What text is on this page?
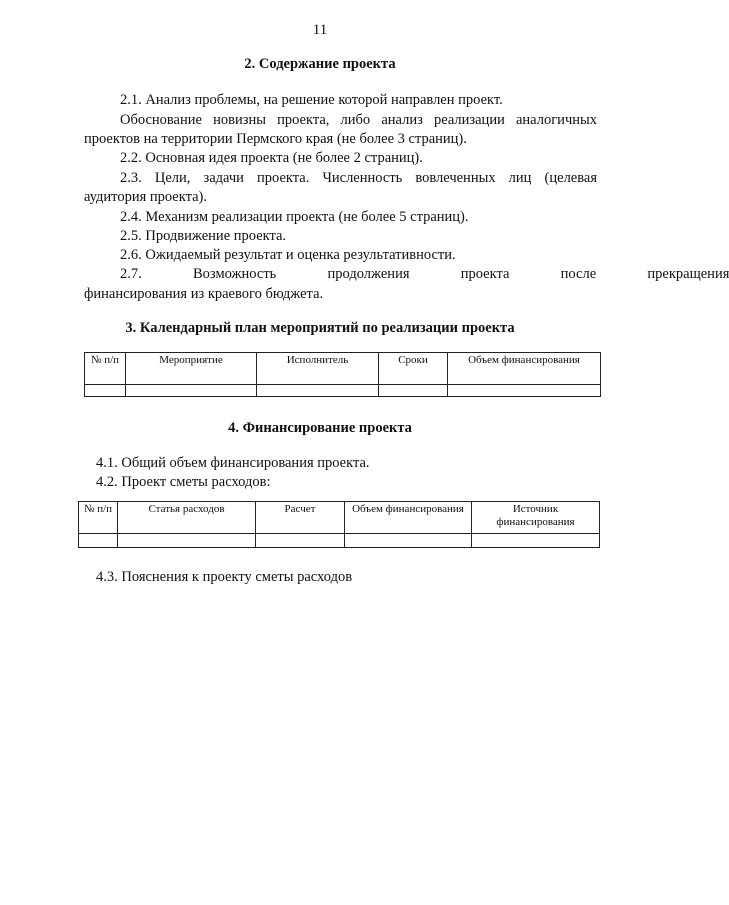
11
2. Содержание проекта
2.1. Анализ проблемы, на решение которой направлен проект.
Обоснование новизны проекта, либо анализ реализации аналогичных
проектов на территории Пермского края (не более 3 страниц).
2.2. Основная идея проекта (не более 2 страниц).
2.3. Цели, задачи проекта. Численность вовлеченных лиц (целевая
аудитория проекта).
2.4. Механизм реализации проекта (не более 5 страниц).
2.5. Продвижение проекта.
2.6. Ожидаемый результат и оценка результативности.
2.7.  Возможность  продолжения  проекта  после  прекращения
финансирования из краевого бюджета.
3. Календарный план мероприятий по реализации проекта
№ п/п	Мероприятие	Исполнитель	Сроки	Объем финансирования

4. Финансирование проекта
4.1. Общий объем финансирования проекта.
4.2. Проект сметы расходов:
№ п/п	Статья расходов	Расчет	Объем финансирования	Источник финансирования

4.3. Пояснения к проекту сметы расходов
